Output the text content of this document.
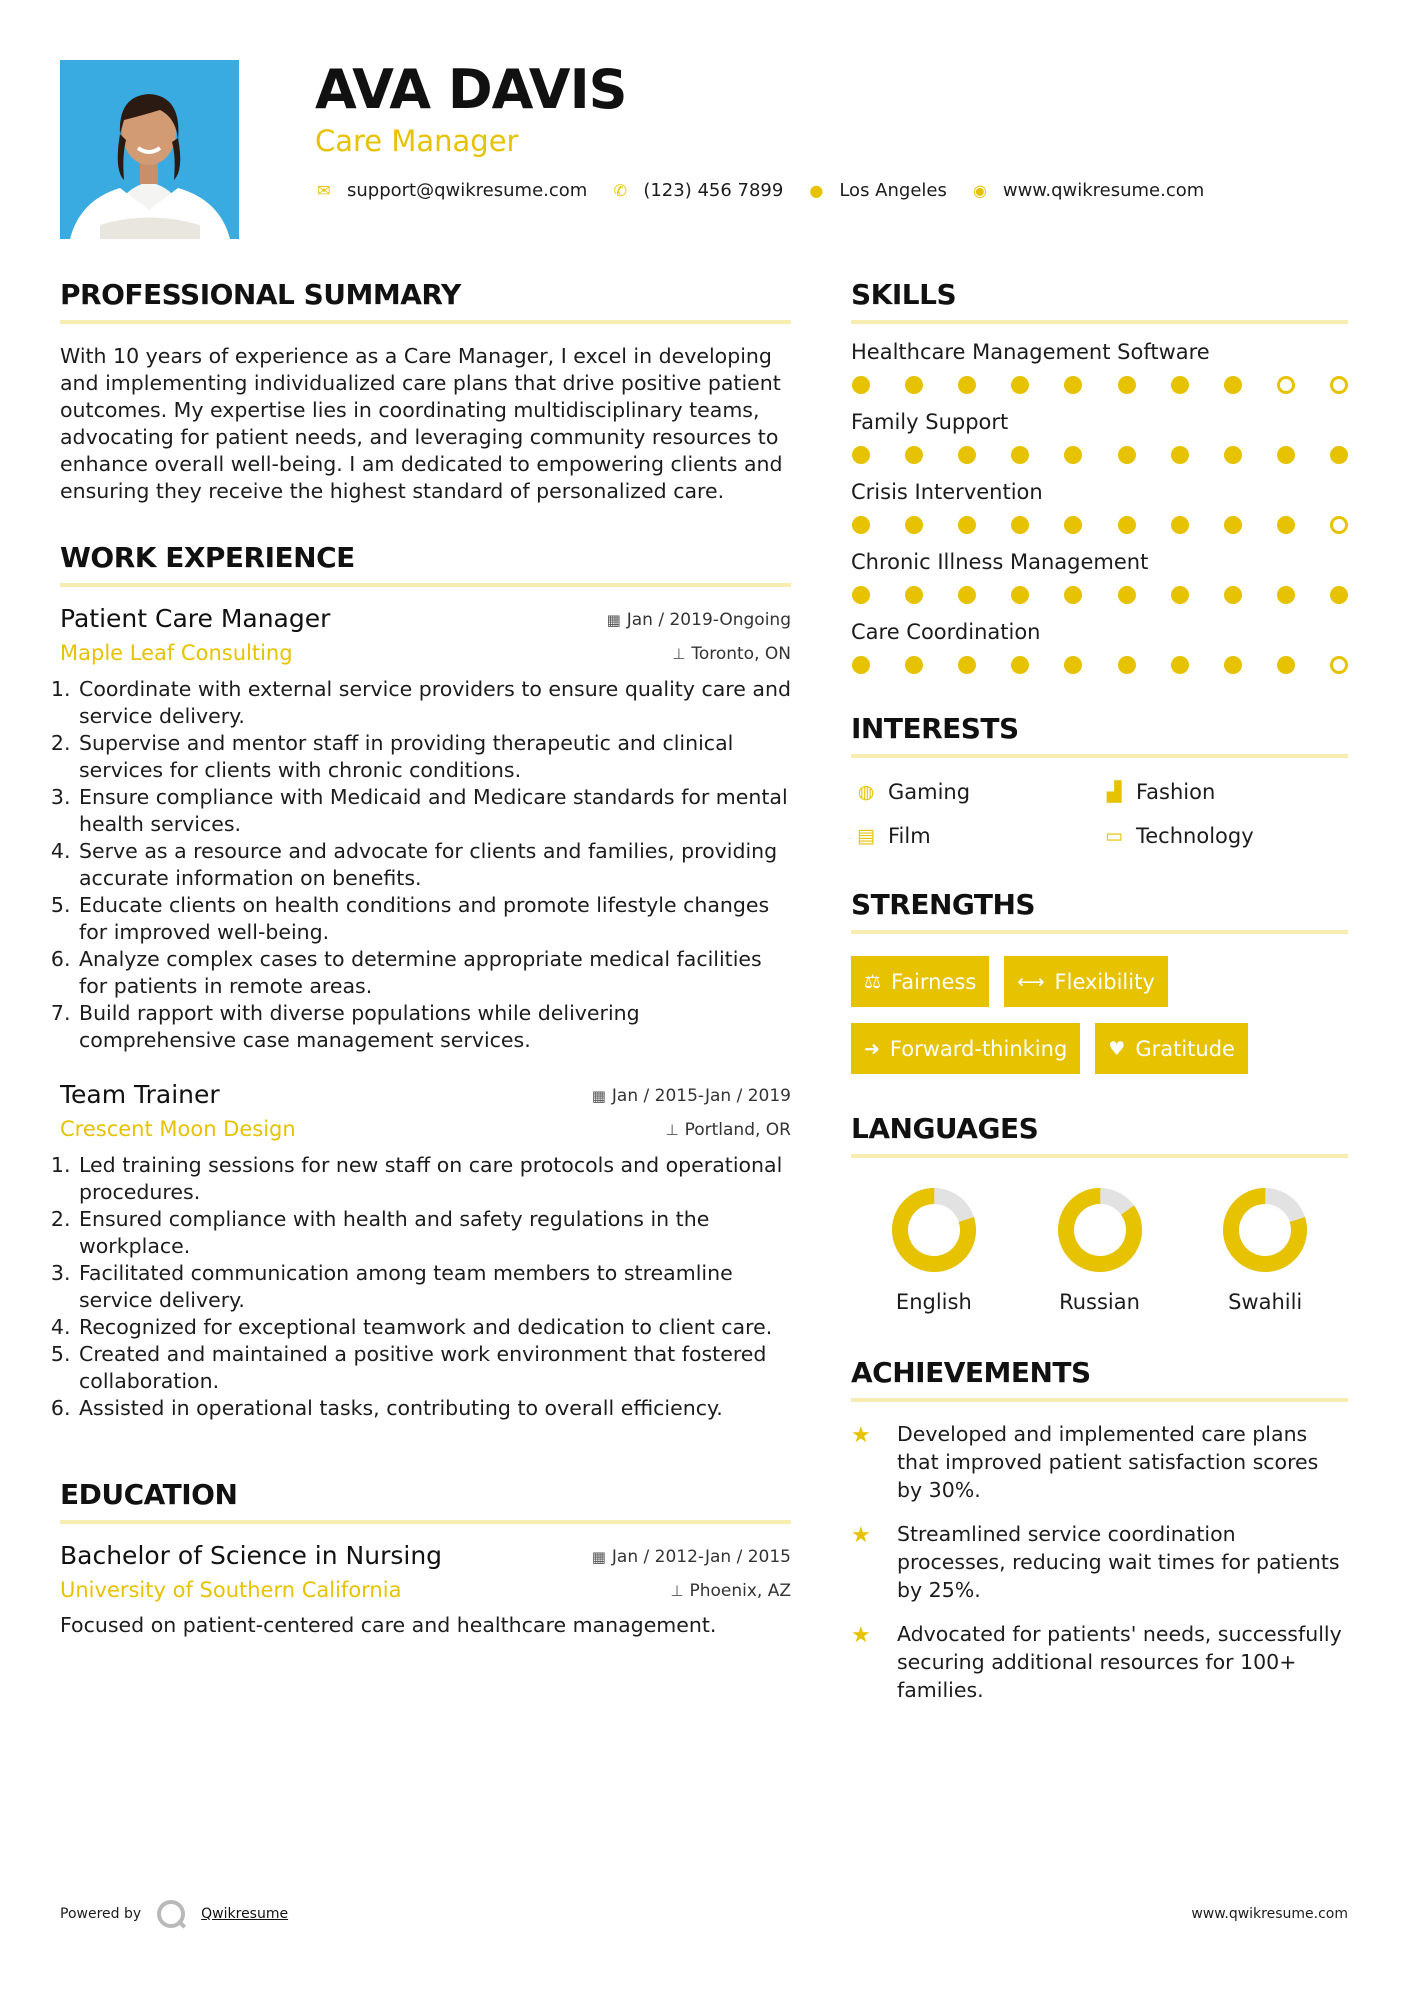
AVA DAVIS
Care Manager
✉ support@qwikresume.com ✆ (123) 456 7899 ● Los Angeles ◉ www.qwikresume.com
PROFESSIONAL SUMMARY

With 10 years of experience as a Care Manager, I excel in developing and implementing individualized care plans that drive positive patient outcomes. My expertise lies in coordinating multidisciplinary teams, advocating for patient needs, and leveraging community resources to enhance overall well-being. I am dedicated to empowering clients and ensuring they receive the highest standard of personalized care.

WORK EXPERIENCE
Patient Care Manager
Maple Leaf Consulting
▦ Jan / 2019-Ongoing
⊥ Toronto, ON
1. Coordinate with external service providers to ensure quality care and service delivery.
2. Supervise and mentor staff in providing therapeutic and clinical services for clients with chronic conditions.
3. Ensure compliance with Medicaid and Medicare standards for mental health services.
4. Serve as a resource and advocate for clients and families, providing accurate information on benefits.
5. Educate clients on health conditions and promote lifestyle changes for improved well-being.
6. Analyze complex cases to determine appropriate medical facilities for patients in remote areas.
7. Build rapport with diverse populations while delivering comprehensive case management services.
Team Trainer
Crescent Moon Design
▦ Jan / 2015-Jan / 2019
⊥ Portland, OR
1. Led training sessions for new staff on care protocols and operational procedures.
2. Ensured compliance with health and safety regulations in the workplace.
3. Facilitated communication among team members to streamline service delivery.
4. Recognized for exceptional teamwork and dedication to client care.
5. Created and maintained a positive work environment that fostered collaboration.
6. Assisted in operational tasks, contributing to overall efficiency.
EDUCATION
Bachelor of Science in Nursing
University of Southern California
▦ Jan / 2012-Jan / 2015
⊥ Phoenix, AZ

Focused on patient-centered care and healthcare management.

SKILLS
Healthcare Management Software
Family Support
Crisis Intervention
Chronic Illness Management
Care Coordination
INTERESTS
◍ Gaming	▟ Fashion
▤ Film	▭ Technology
STRENGTHS
⚖ Fairness ⟷ Flexibility
➜ Forward-thinking ♥ Gratitude
LANGUAGES
English	Russian	Swahili
ACHIEVEMENTS
★	Developed and implemented care plans that improved patient satisfaction scores by 30%.
★	Streamlined service coordination processes, reducing wait times for patients by 25%.
★	Advocated for patients' needs, successfully securing additional resources for 100+ families.
Powered by	Qwikresume	www.qwikresume.com
